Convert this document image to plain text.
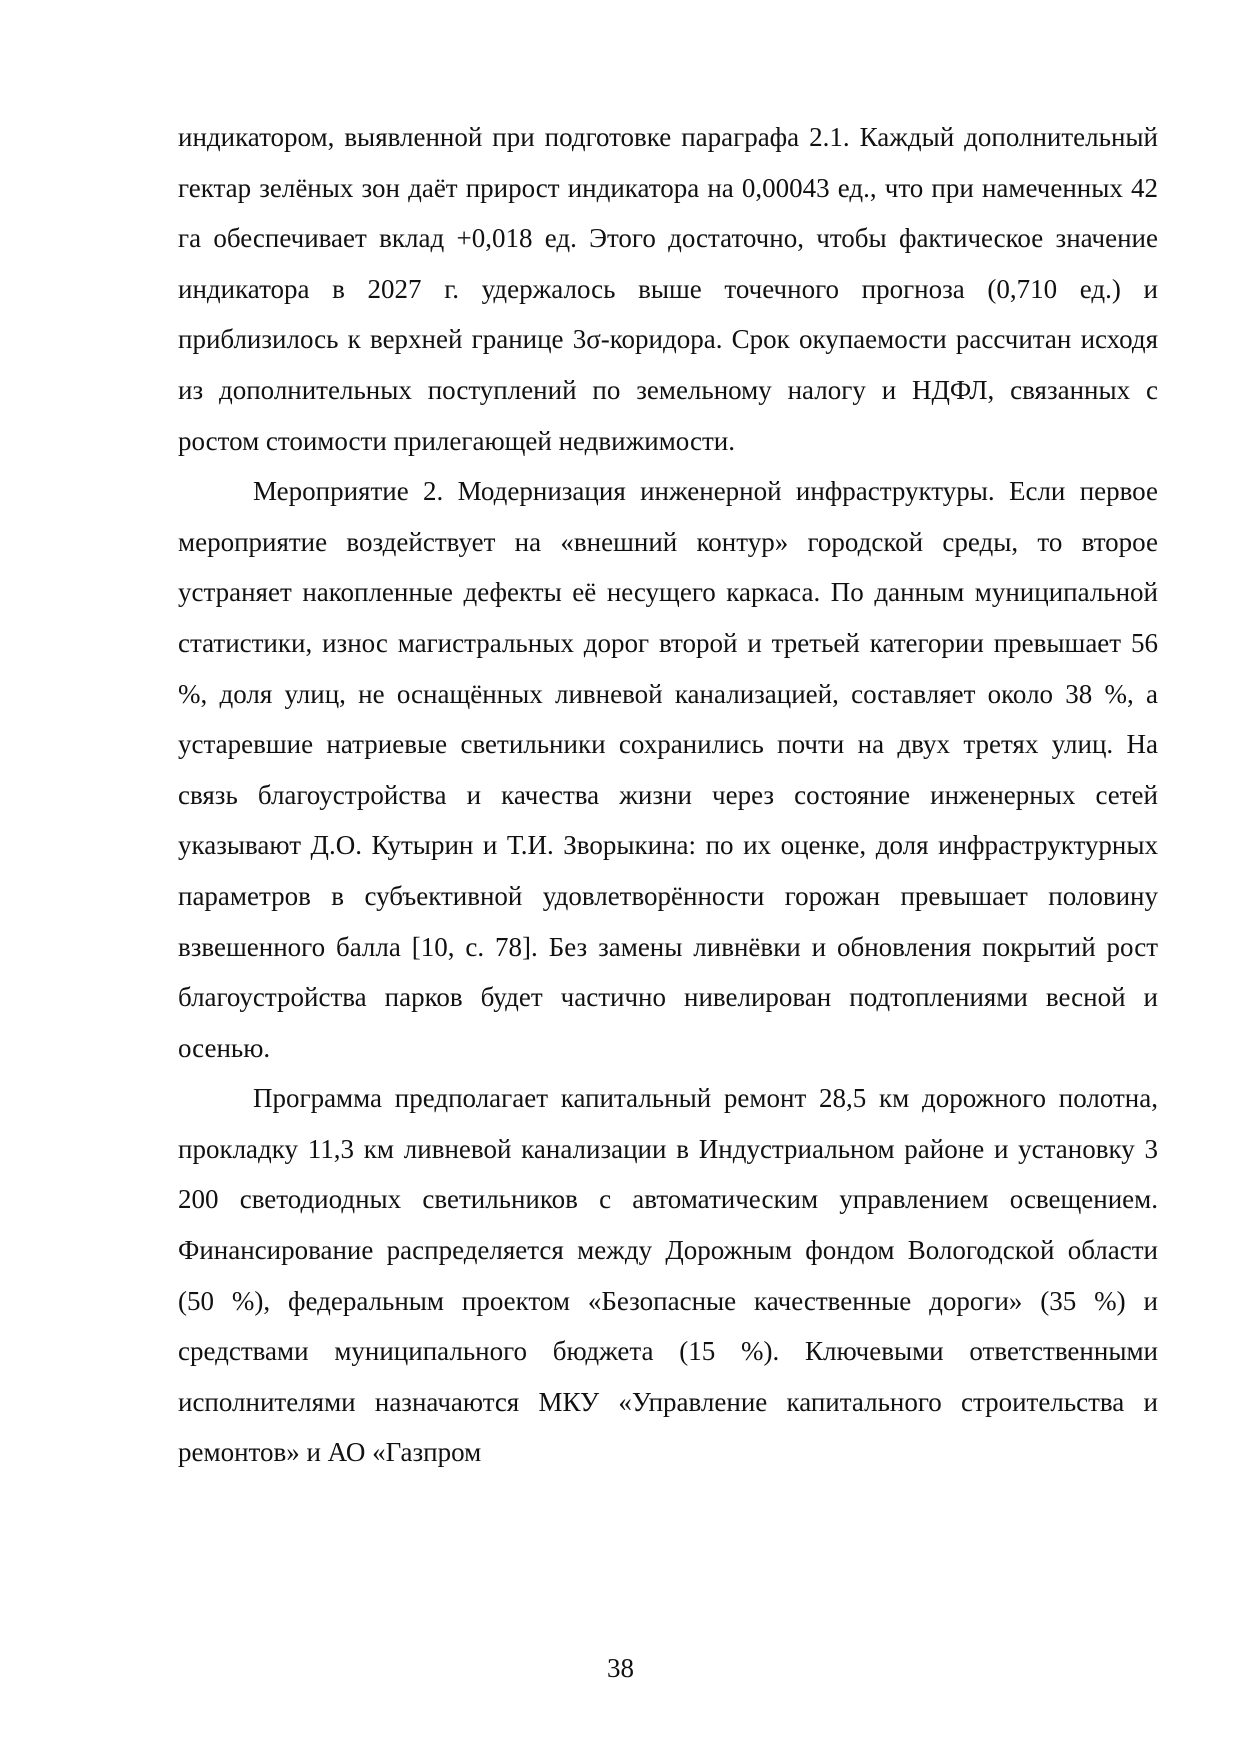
индикатором, выявленной при подготовке параграфа 2.1. Каждый дополнительный гектар зелёных зон даёт прирост индикатора на 0,00043 ед., что при намеченных 42 га обеспечивает вклад +0,018 ед. Этого достаточно, чтобы фактическое значение индикатора в 2027 г. удержалось выше точечного прогноза (0,710 ед.) и приблизилось к верхней границе 3σ-коридора. Срок окупаемости рассчитан исходя из дополнительных поступлений по земельному налогу и НДФЛ, связанных с ростом стоимости прилегающей недвижимости.

Мероприятие 2. Модернизация инженерной инфраструктуры. Если первое мероприятие воздействует на «внешний контур» городской среды, то второе устраняет накопленные дефекты её несущего каркаса. По данным муниципальной статистики, износ магистральных дорог второй и третьей категории превышает 56 %, доля улиц, не оснащённых ливневой канализацией, составляет около 38 %, а устаревшие натриевые светильники сохранились почти на двух третях улиц. На связь благоустройства и качества жизни через состояние инженерных сетей указывают Д.О. Кутырин и Т.И. Зворыкина: по их оценке, доля инфраструктурных параметров в субъективной удовлетворённости горожан превышает половину взвешенного балла [10, с. 78]. Без замены ливнёвки и обновления покрытий рост благоустройства парков будет частично нивелирован подтоплениями весной и осенью.

Программа предполагает капитальный ремонт 28,5 км дорожного полотна, прокладку 11,3 км ливневой канализации в Индустриальном районе и установку 3 200 светодиодных светильников с автоматическим управлением освещением. Финансирование распределяется между Дорожным фондом Вологодской области (50 %), федеральным проектом «Безопасные качественные дороги» (35 %) и средствами муниципального бюджета (15 %). Ключевыми ответственными исполнителями назначаются МКУ «Управление капитального строительства и ремонтов» и АО «Газпром

38
